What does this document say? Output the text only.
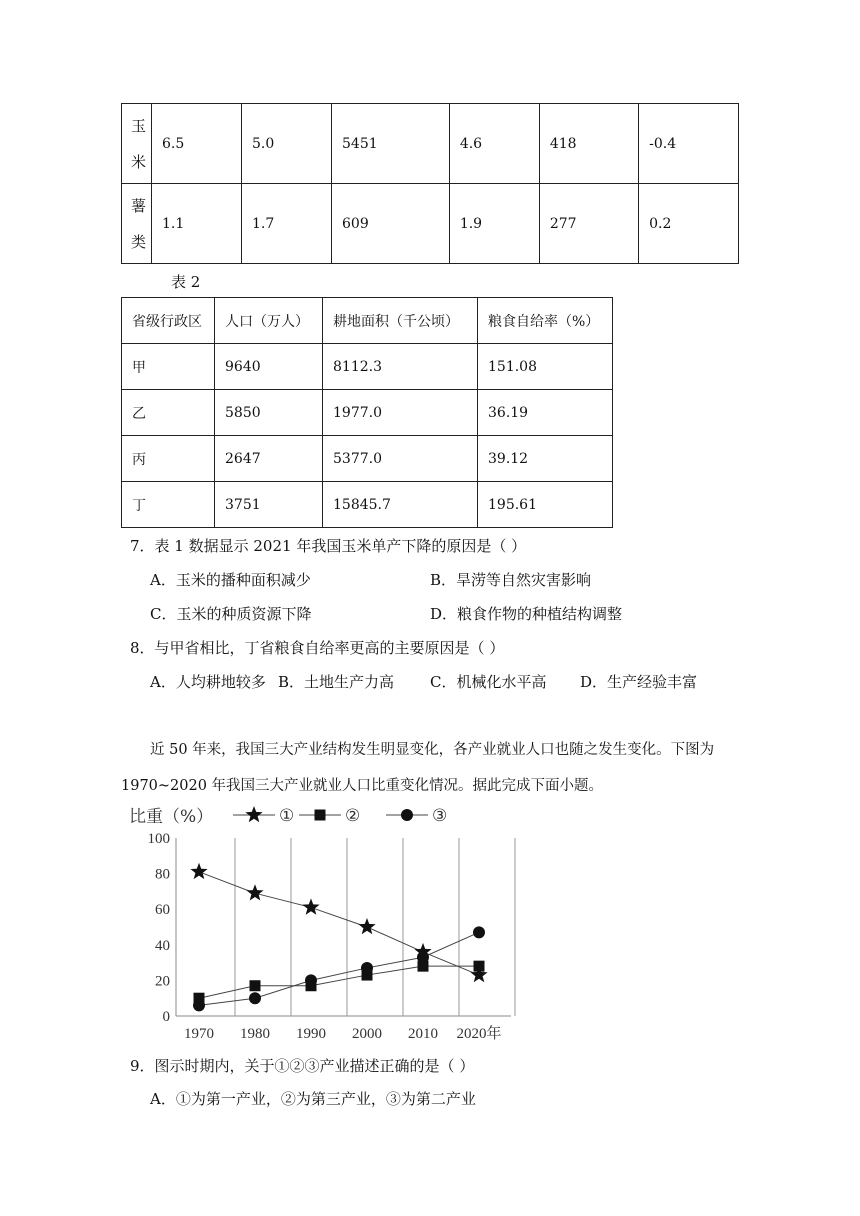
玉
米	6.5	5.0	5451	4.6	418	-0.4
薯
类	1.1	1.7	609	1.9	277	0.2
表 2
省级行政区	人口（万人）	耕地面积（千公顷）	粮食自给率（%）
甲	9640	8112.3	151.08
乙	5850	1977.0	36.19
丙	2647	5377.0	39.12
丁	3751	15845.7	195.61
7．表 1 数据显示 2021 年我国玉米单产下降的原因是（ ）
A．玉米的播种面积减少	B．旱涝等自然灾害影响
C．玉米的种质资源下降	D．粮食作物的种植结构调整
8．与甲省相比，丁省粮食自给率更高的主要原因是（ ）
A．人均耕地较多 B．土地生产力高 C．机械化水平高 D．生产经验丰富
近 50 年来，我国三大产业结构发生明显变化，各产业就业人口也随之发生变化。下图为 1970~2020 年我国三大产业就业人口比重变化情况。据此完成下面小题。
比重（%）	①	②	③
0
20
40
60
80
100
1970 1980 1990 2000 2010 2020年
9．图示时期内，关于①②③产业描述正确的是（ ）
A．①为第一产业，②为第三产业，③为第二产业
